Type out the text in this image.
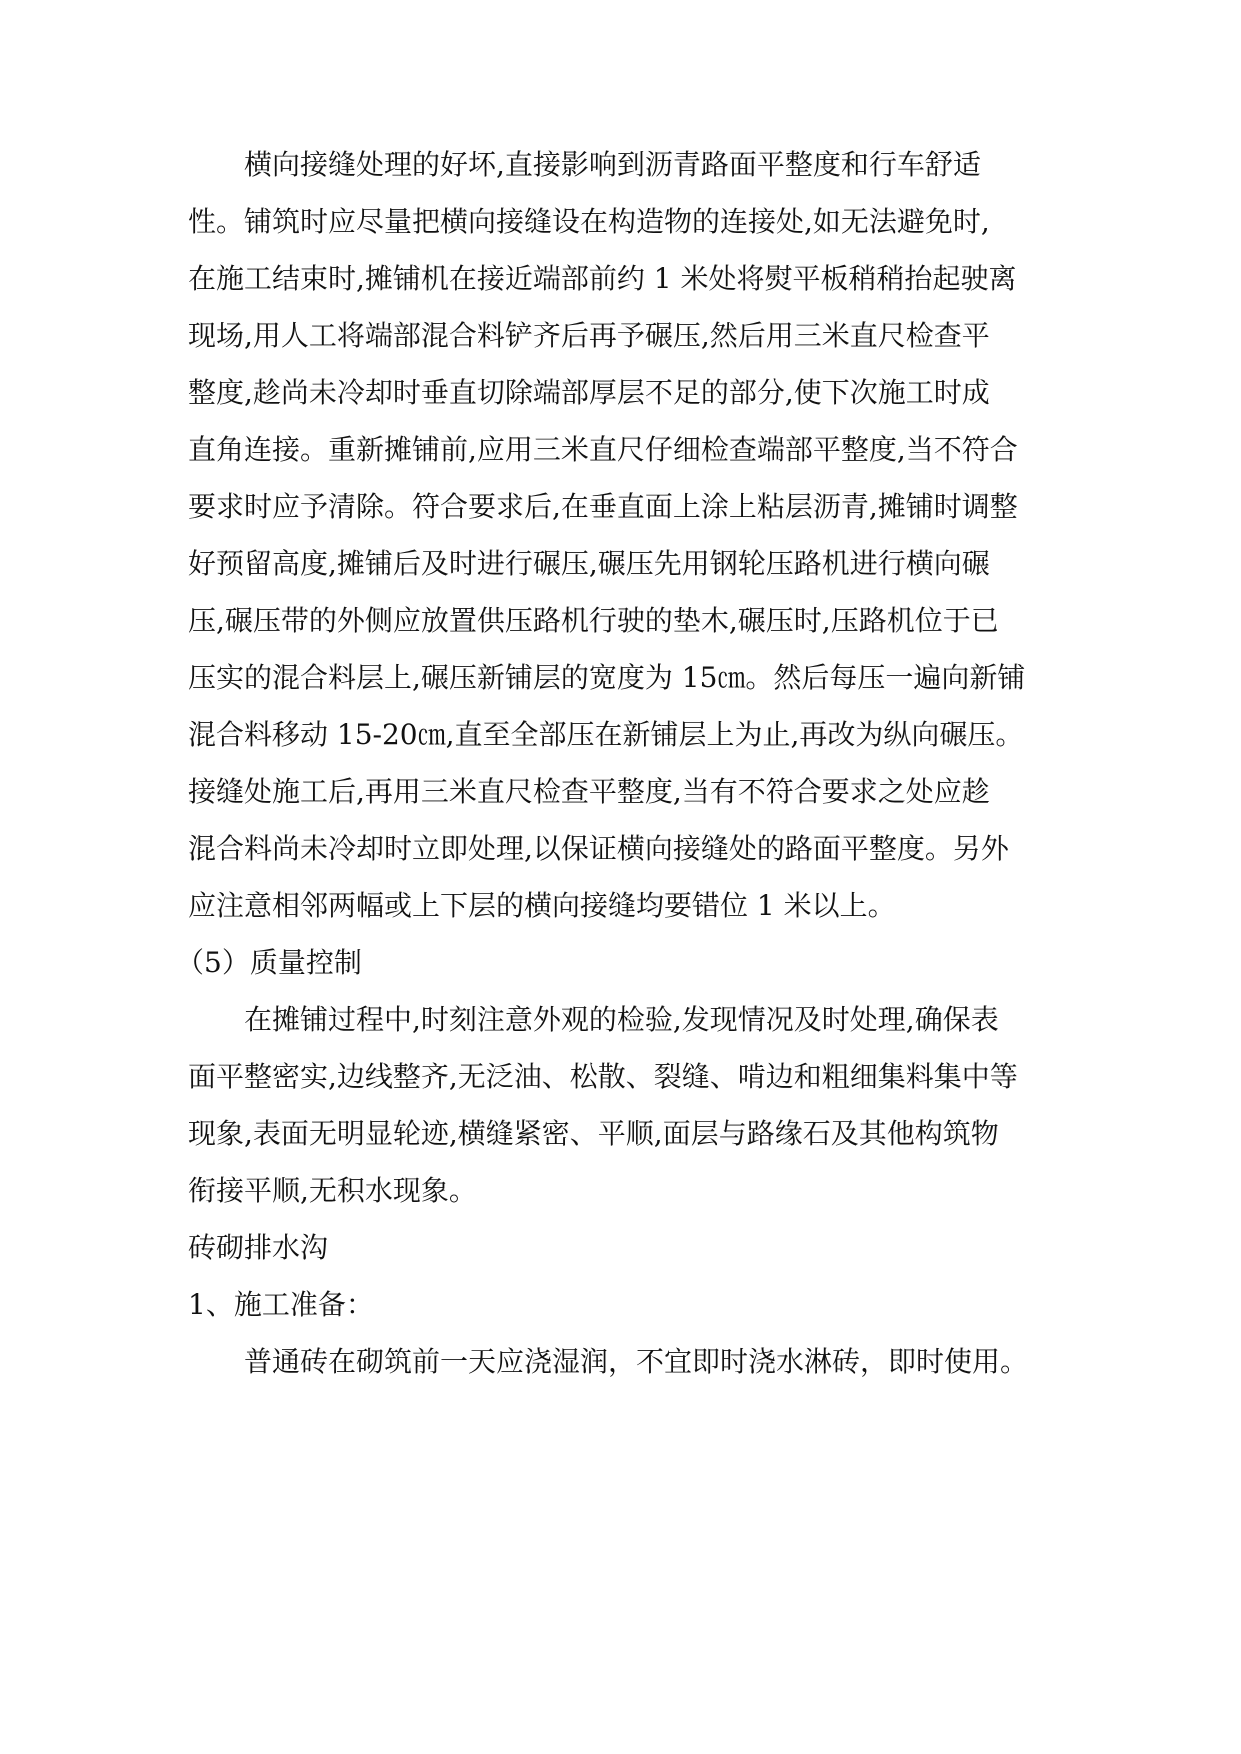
横向接缝处理的好坏,直接影响到沥青路面平整度和行车舒适
性。铺筑时应尽量把横向接缝设在构造物的连接处,如无法避免时,
在施工结束时,摊铺机在接近端部前约 1 米处将熨平板稍稍抬起驶离
现场,用人工将端部混合料铲齐后再予碾压,然后用三米直尺检查平
整度,趁尚未冷却时垂直切除端部厚层不足的部分,使下次施工时成
直角连接。重新摊铺前,应用三米直尺仔细检查端部平整度,当不符合
要求时应予清除。符合要求后,在垂直面上涂上粘层沥青,摊铺时调整
好预留高度,摊铺后及时进行碾压,碾压先用钢轮压路机进行横向碾
压,碾压带的外侧应放置供压路机行驶的垫木,碾压时,压路机位于已
压实的混合料层上,碾压新铺层的宽度为 15㎝。然后每压一遍向新铺
混合料移动 15-20㎝,直至全部压在新铺层上为止,再改为纵向碾压。
接缝处施工后,再用三米直尺检查平整度,当有不符合要求之处应趁
混合料尚未冷却时立即处理,以保证横向接缝处的路面平整度。另外
应注意相邻两幅或上下层的横向接缝均要错位 1 米以上。
（5）质量控制
在摊铺过程中,时刻注意外观的检验,发现情况及时处理,确保表
面平整密实,边线整齐,无泛油、松散、裂缝、啃边和粗细集料集中等
现象,表面无明显轮迹,横缝紧密、平顺,面层与路缘石及其他构筑物
衔接平顺,无积水现象。
砖砌排水沟
1、施工准备：
普通砖在砌筑前一天应浇湿润，不宜即时浇水淋砖，即时使用。
